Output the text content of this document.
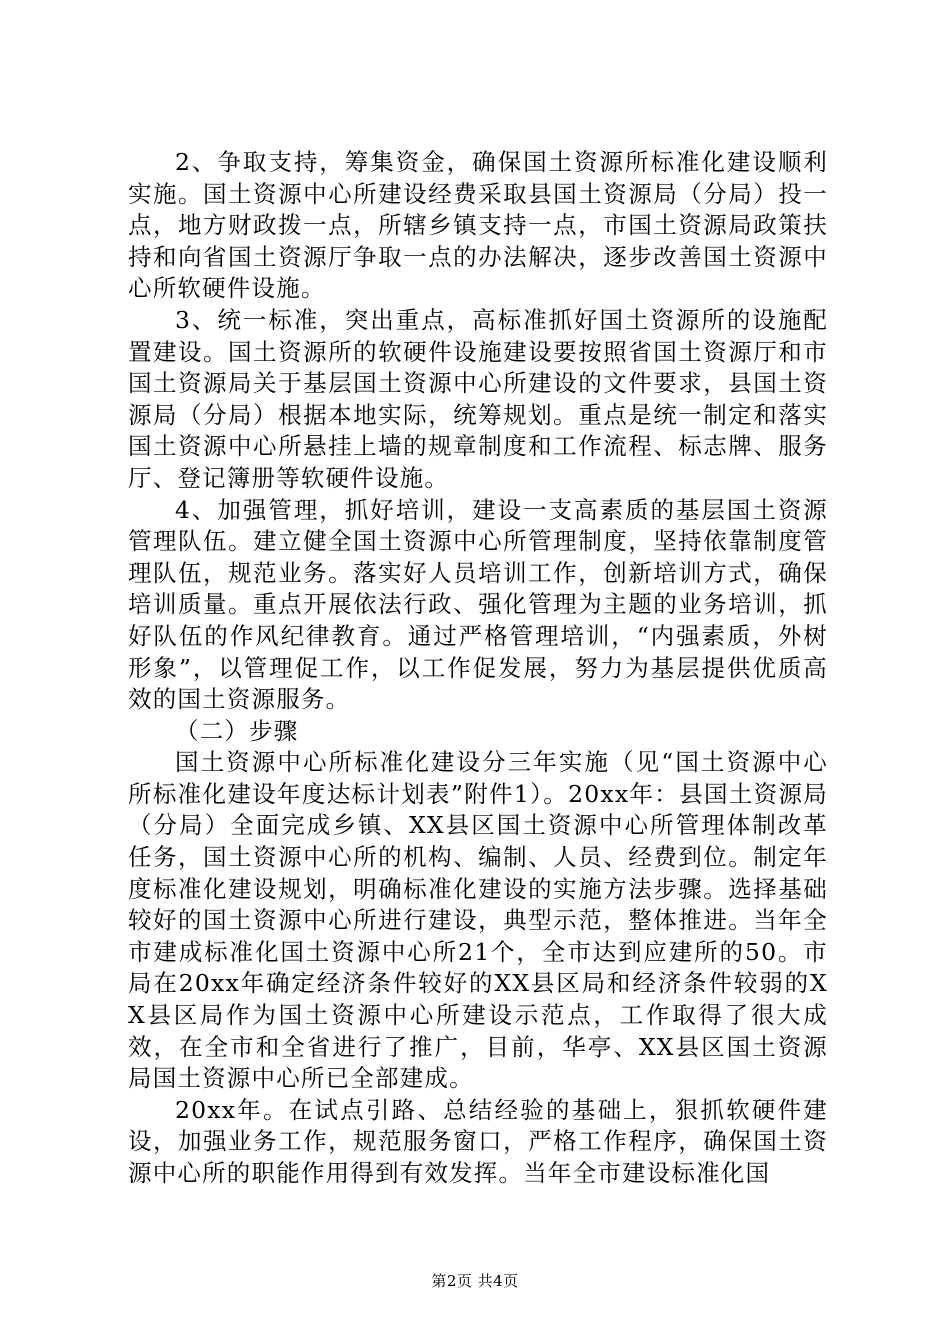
2、争取支持，筹集资金，确保国土资源所标准化建设顺利实施。国土资源中心所建设经费采取县国土资源局（分局）投一点，地方财政拨一点，所辖乡镇支持一点，市国土资源局政策扶持和向省国土资源厅争取一点的办法解决，逐步改善国土资源中心所软硬件设施。

3、统一标准，突出重点，高标准抓好国土资源所的设施配置建设。国土资源所的软硬件设施建设要按照省国土资源厅和市国土资源局关于基层国土资源中心所建设的文件要求，县国土资源局（分局）根据本地实际，统筹规划。重点是统一制定和落实国土资源中心所悬挂上墙的规章制度和工作流程、标志牌、服务厅、登记簿册等软硬件设施。

4、加强管理，抓好培训，建设一支高素质的基层国土资源管理队伍。建立健全国土资源中心所管理制度，坚持依靠制度管理队伍，规范业务。落实好人员培训工作，创新培训方式，确保培训质量。重点开展依法行政、强化管理为主题的业务培训，抓好队伍的作风纪律教育。通过严格管理培训，“内强素质，外树形象”，以管理促工作，以工作促发展，努力为基层提供优质高效的国土资源服务。

（二）步骤

国土资源中心所标准化建设分三年实施（见“国土资源中心所标准化建设年度达标计划表”附件1）。20xx年：县国土资源局（分局）全面完成乡镇、XX县区国土资源中心所管理体制改革任务，国土资源中心所的机构、编制、人员、经费到位。制定年度标准化建设规划，明确标准化建设的实施方法步骤。选择基础较好的国土资源中心所进行建设，典型示范，整体推进。当年全市建成标准化国土资源中心所21个，全市达到应建所的50。市局在20xx年确定经济条件较好的XX县区局和经济条件较弱的XX县区局作为国土资源中心所建设示范点，工作取得了很大成效，在全市和全省进行了推广，目前，华亭、XX县区国土资源局国土资源中心所已全部建成。

20xx年。在试点引路、总结经验的基础上，狠抓软硬件建设，加强业务工作，规范服务窗口，严格工作程序，确保国土资源中心所的职能作用得到有效发挥。当年全市建设标准化国

第2页 共4页
